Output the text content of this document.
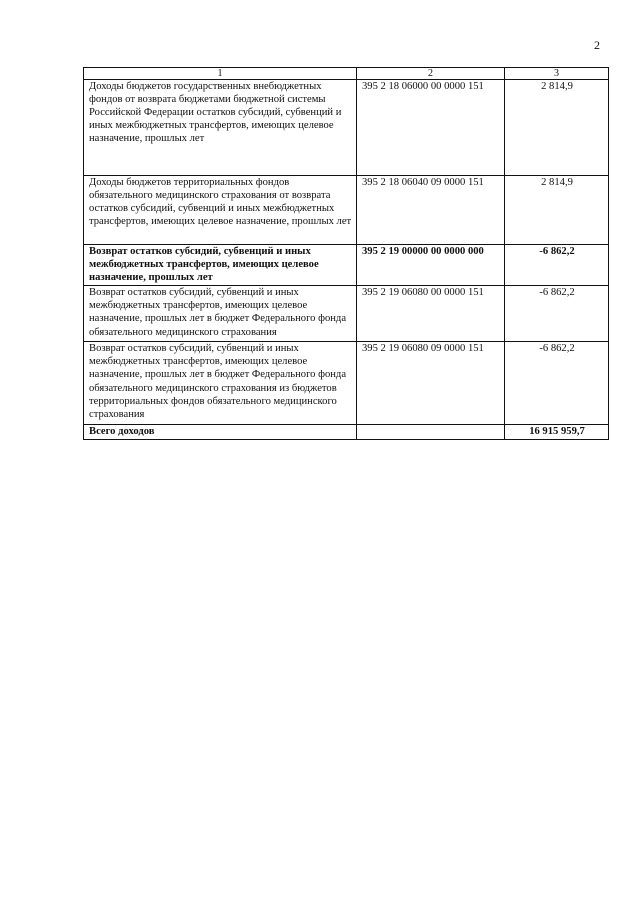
2
1	2	3
Доходы бюджетов государственных внебюджетных фондов от возврата бюджетами бюджетной системы Российской Федерации остатков субсидий, субвенций и иных межбюджетных трансфертов, имеющих целевое назначение, прошлых лет	395 2 18 06000 00 0000 151	2 814,9
Доходы бюджетов территориальных фондов обязательного медицинского страхования от возврата остатков субсидий, субвенций и иных межбюджетных трансфертов, имеющих целевое назначение, прошлых лет	395 2 18 06040 09 0000 151	2 814,9
Возврат остатков субсидий, субвенций и иных межбюджетных трансфертов, имеющих целевое назначение, прошлых лет	395 2 19 00000 00 0000 000	-6 862,2
Возврат остатков субсидий, субвенций и иных межбюджетных трансфертов, имеющих целевое назначение, прошлых лет в бюджет Федерального фонда обязательного медицинского страхования	395 2 19 06080 00 0000 151	-6 862,2
Возврат остатков субсидий, субвенций и иных межбюджетных трансфертов, имеющих целевое назначение, прошлых лет в бюджет Федерального фонда обязательного медицинского страхования из бюджетов территориальных фондов обязательного медицинского страхования	395 2 19 06080 09 0000 151	-6 862,2
Всего доходов		16 915 959,7
